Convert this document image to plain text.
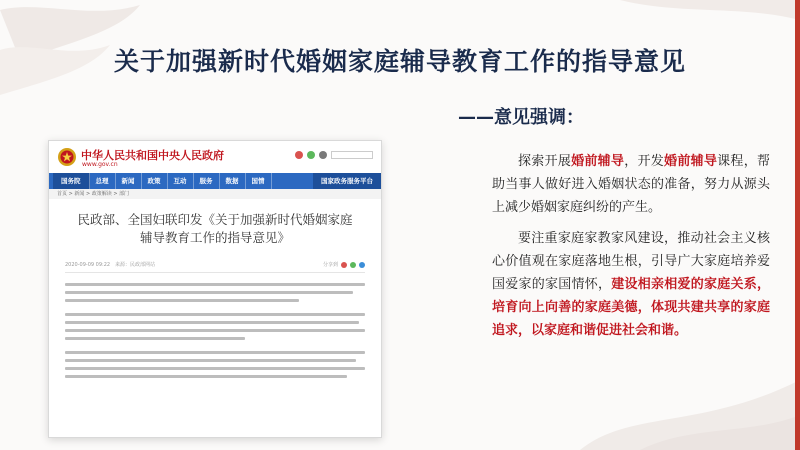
关于加强新时代婚姻家庭辅导教育工作的指导意见
——意见强调：
中华人民共和国中央人民政府
www.gov.cn
国务院	总理	新闻	政策	互动	服务	数据	国情	国家政务服务平台
首页 > 新闻 > 政策解读 > 部门
民政部、全国妇联印发《关于加强新时代婚姻家庭辅导教育工作的指导意见》
2020-09-09 09:22　来源：民政部网站	分享到

探索开展婚前辅导，开发婚前辅导课程，帮助当事人做好进入婚姻状态的准备，努力从源头上减少婚姻家庭纠纷的产生。

要注重家庭家教家风建设，推动社会主义核心价值观在家庭落地生根，引导广大家庭培养爱国爱家的家国情怀，建设相亲相爱的家庭关系，培育向上向善的家庭美德，体现共建共享的家庭追求，以家庭和谐促进社会和谐。
